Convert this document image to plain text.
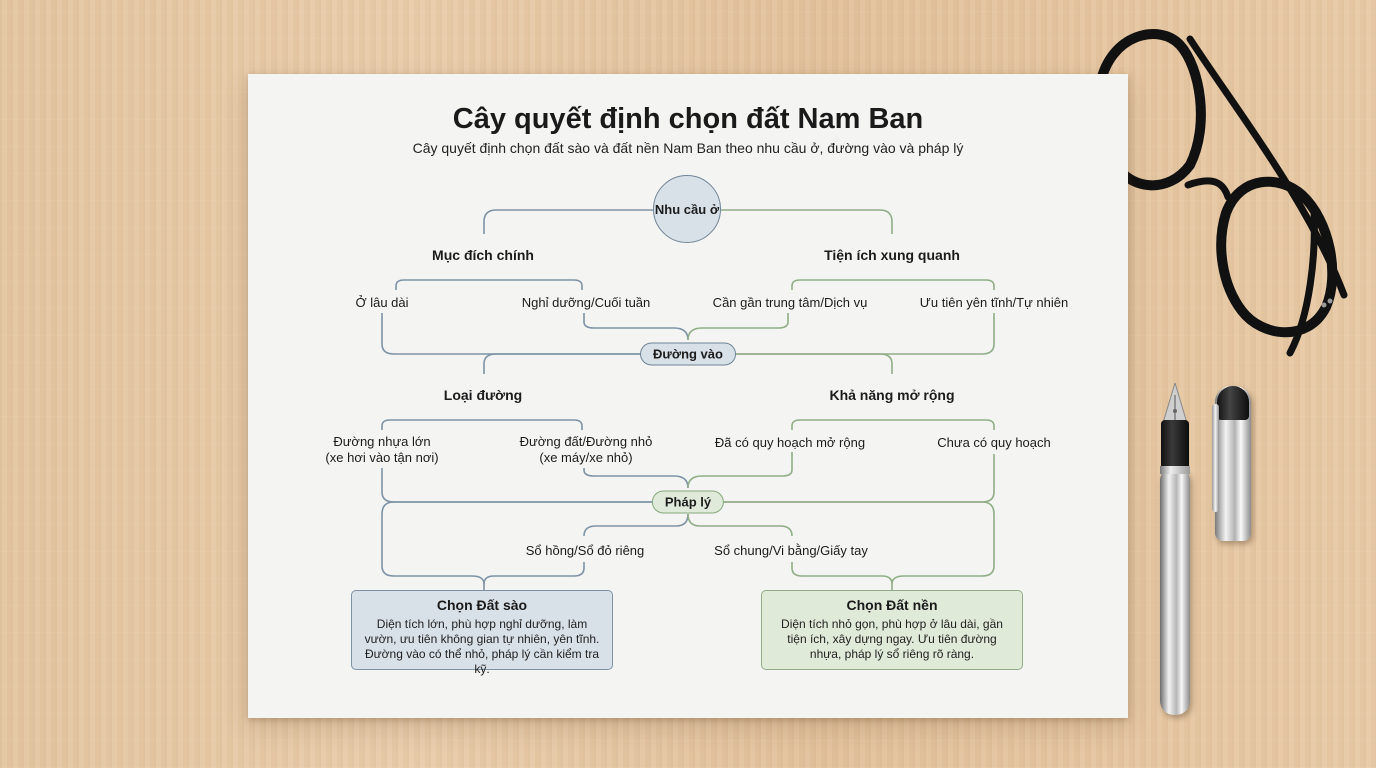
Cây quyết định chọn đất Nam Ban
Cây quyết định chọn đất sào và đất nền Nam Ban theo nhu cầu ở, đường vào và pháp lý
Nhu cầu ở
Mục đích chính	Tiện ích xung quanh
Ở lâu dài	Nghỉ dưỡng/Cuối tuần	Cần gần trung tâm/Dịch vụ	Ưu tiên yên tĩnh/Tự nhiên
Đường vào
Loại đường	Khả năng mở rộng
Đường nhựa lớn
(xe hơi vào tận nơi)
Đường đất/Đường nhỏ
(xe máy/xe nhỏ)
Đã có quy hoạch mở rộng	Chưa có quy hoạch
Pháp lý
Sổ hồng/Sổ đỏ riêng	Sổ chung/Vi bằng/Giấy tay
Chọn Đất sào
Diện tích lớn, phù hợp nghỉ dưỡng, làm vườn, ưu tiên không gian tự nhiên, yên tĩnh. Đường vào có thể nhỏ, pháp lý cần kiểm tra kỹ.
Chọn Đất nền
Diện tích nhỏ gọn, phù hợp ở lâu dài, gần tiện ích, xây dựng ngay. Ưu tiên đường nhựa, pháp lý sổ riêng rõ ràng.
